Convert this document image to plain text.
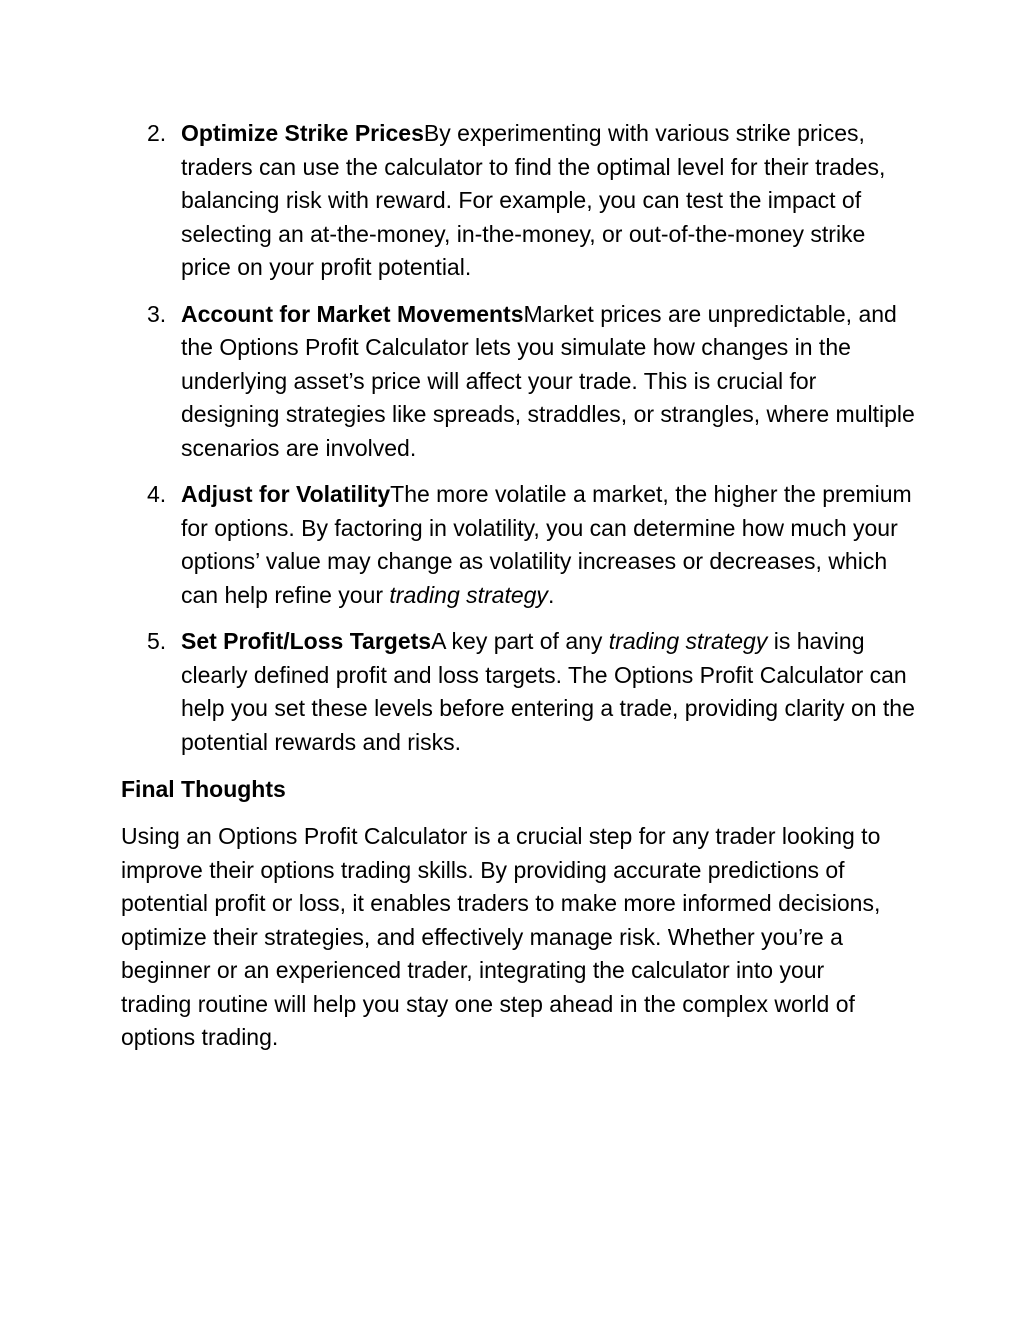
2. Optimize Strike PricesBy experimenting with various strike prices, traders can use the calculator to find the optimal level for their trades, balancing risk with reward. For example, you can test the impact of selecting an at-the-money, in-the-money, or out-of-the-money strike price on your profit potential.
3. Account for Market MovementsMarket prices are unpredictable, and the Options Profit Calculator lets you simulate how changes in the underlying asset’s price will affect your trade. This is crucial for designing strategies like spreads, straddles, or strangles, where multiple scenarios are involved.
4. Adjust for VolatilityThe more volatile a market, the higher the premium for options. By factoring in volatility, you can determine how much your options’ value may change as volatility increases or decreases, which can help refine your trading strategy.
5. Set Profit/Loss TargetsA key part of any trading strategy is having clearly defined profit and loss targets. The Options Profit Calculator can help you set these levels before entering a trade, providing clarity on the potential rewards and risks.
Final Thoughts
Using an Options Profit Calculator is a crucial step for any trader looking to improve their options trading skills. By providing accurate predictions of potential profit or loss, it enables traders to make more informed decisions, optimize their strategies, and effectively manage risk. Whether you’re a beginner or an experienced trader, integrating the calculator into your trading routine will help you stay one step ahead in the complex world of options trading.
